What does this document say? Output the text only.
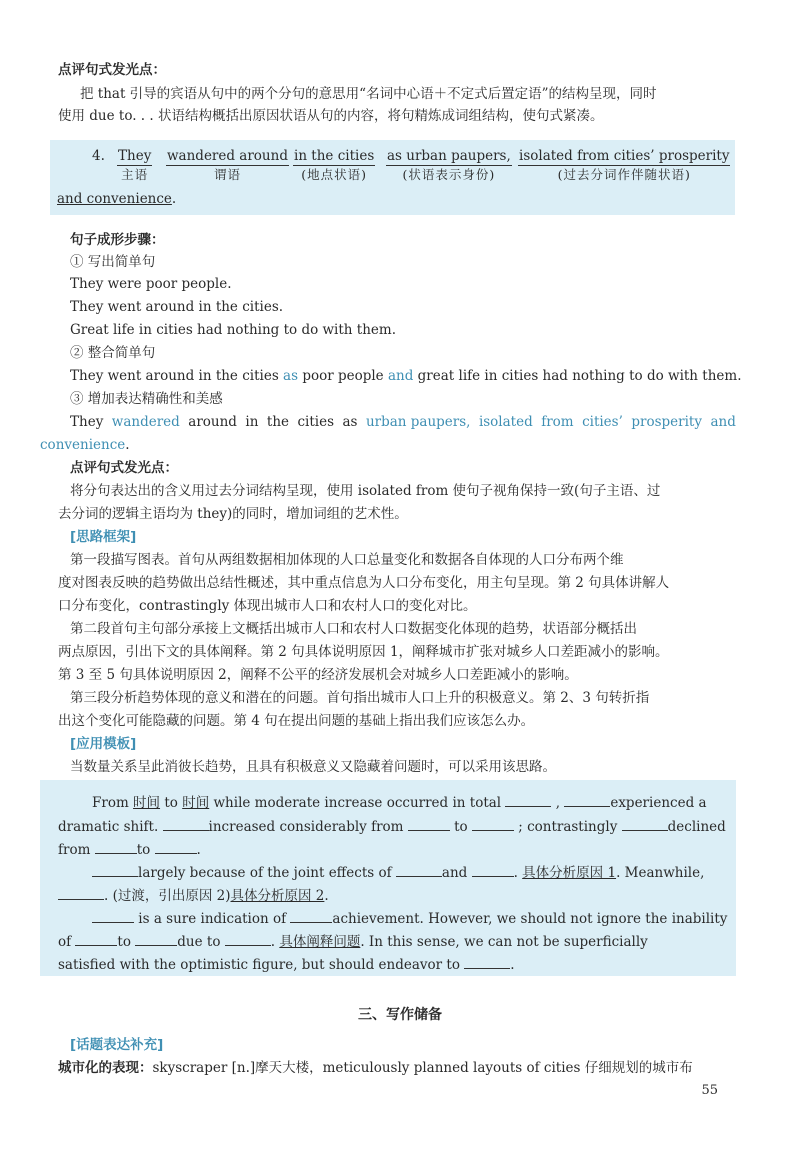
点评句式发光点：
把 that 引导的宾语从句中的两个分句的意思用“名词中心语＋不定式后置定语”的结构呈现，同时
使用 due to. . . 状语结构概括出原因状语从句的内容，将句精炼成词组结构，使句式紧凑。
4. They
主语
wandered around
谓语
in the cities
(地点状语)
as urban paupers,
(状语表示身份)
isolated from cities’ prosperity
(过去分词作伴随状语)
and convenience.
句子成形步骤：
① 写出简单句
They were poor people.
They went around in the cities.
Great life in cities had nothing to do with them.
② 整合简单句
They went around in the cities as poor people and great life in cities had nothing to do with them.
③ 增加表达精确性和美感
They wandered around in the cities as urban paupers, isolated from cities’ prosperity and
convenience.
点评句式发光点：
将分句表达出的含义用过去分词结构呈现，使用 isolated from 使句子视角保持一致(句子主语、过
去分词的逻辑主语均为 they)的同时，增加词组的艺术性。
[思路框架]
第一段描写图表。首句从两组数据相加体现的人口总量变化和数据各自体现的人口分布两个维
度对图表反映的趋势做出总结性概述，其中重点信息为人口分布变化，用主句呈现。第 2 句具体讲解人
口分布变化，contrastingly 体现出城市人口和农村人口的变化对比。
第二段首句主句部分承接上文概括出城市人口和农村人口数据变化体现的趋势，状语部分概括出
两点原因，引出下文的具体阐释。第 2 句具体说明原因 1，阐释城市扩张对城乡人口差距减小的影响。
第 3 至 5 句具体说明原因 2，阐释不公平的经济发展机会对城乡人口差距减小的影响。
第三段分析趋势体现的意义和潜在的问题。首句指出城市人口上升的积极意义。第 2、3 句转折指
出这个变化可能隐藏的问题。第 4 句在提出问题的基础上指出我们应该怎么办。
[应用模板]
当数量关系呈此消彼长趋势，且具有积极意义又隐藏着问题时，可以采用该思路。
From 时间 to 时间 while moderate increase occurred in total	,	experienced a
dramatic shift.	increased considerably from	to	; contrastingly	declined
from	to	.
largely because of the joint effects of	and	. 具体分析原因 1. Meanwhile,
. (过渡，引出原因 2)具体分析原因 2.
is a sure indication of	achievement. However, we should not ignore the inability
of	to	due to	. 具体阐释问题. In this sense, we can not be superficially
satisfied with the optimistic figure, but should endeavor to	.
三、写作储备
[话题表达补充]
城市化的表现：skyscraper [n.]摩天大楼，meticulously planned layouts of cities 仔细规划的城市布
55
